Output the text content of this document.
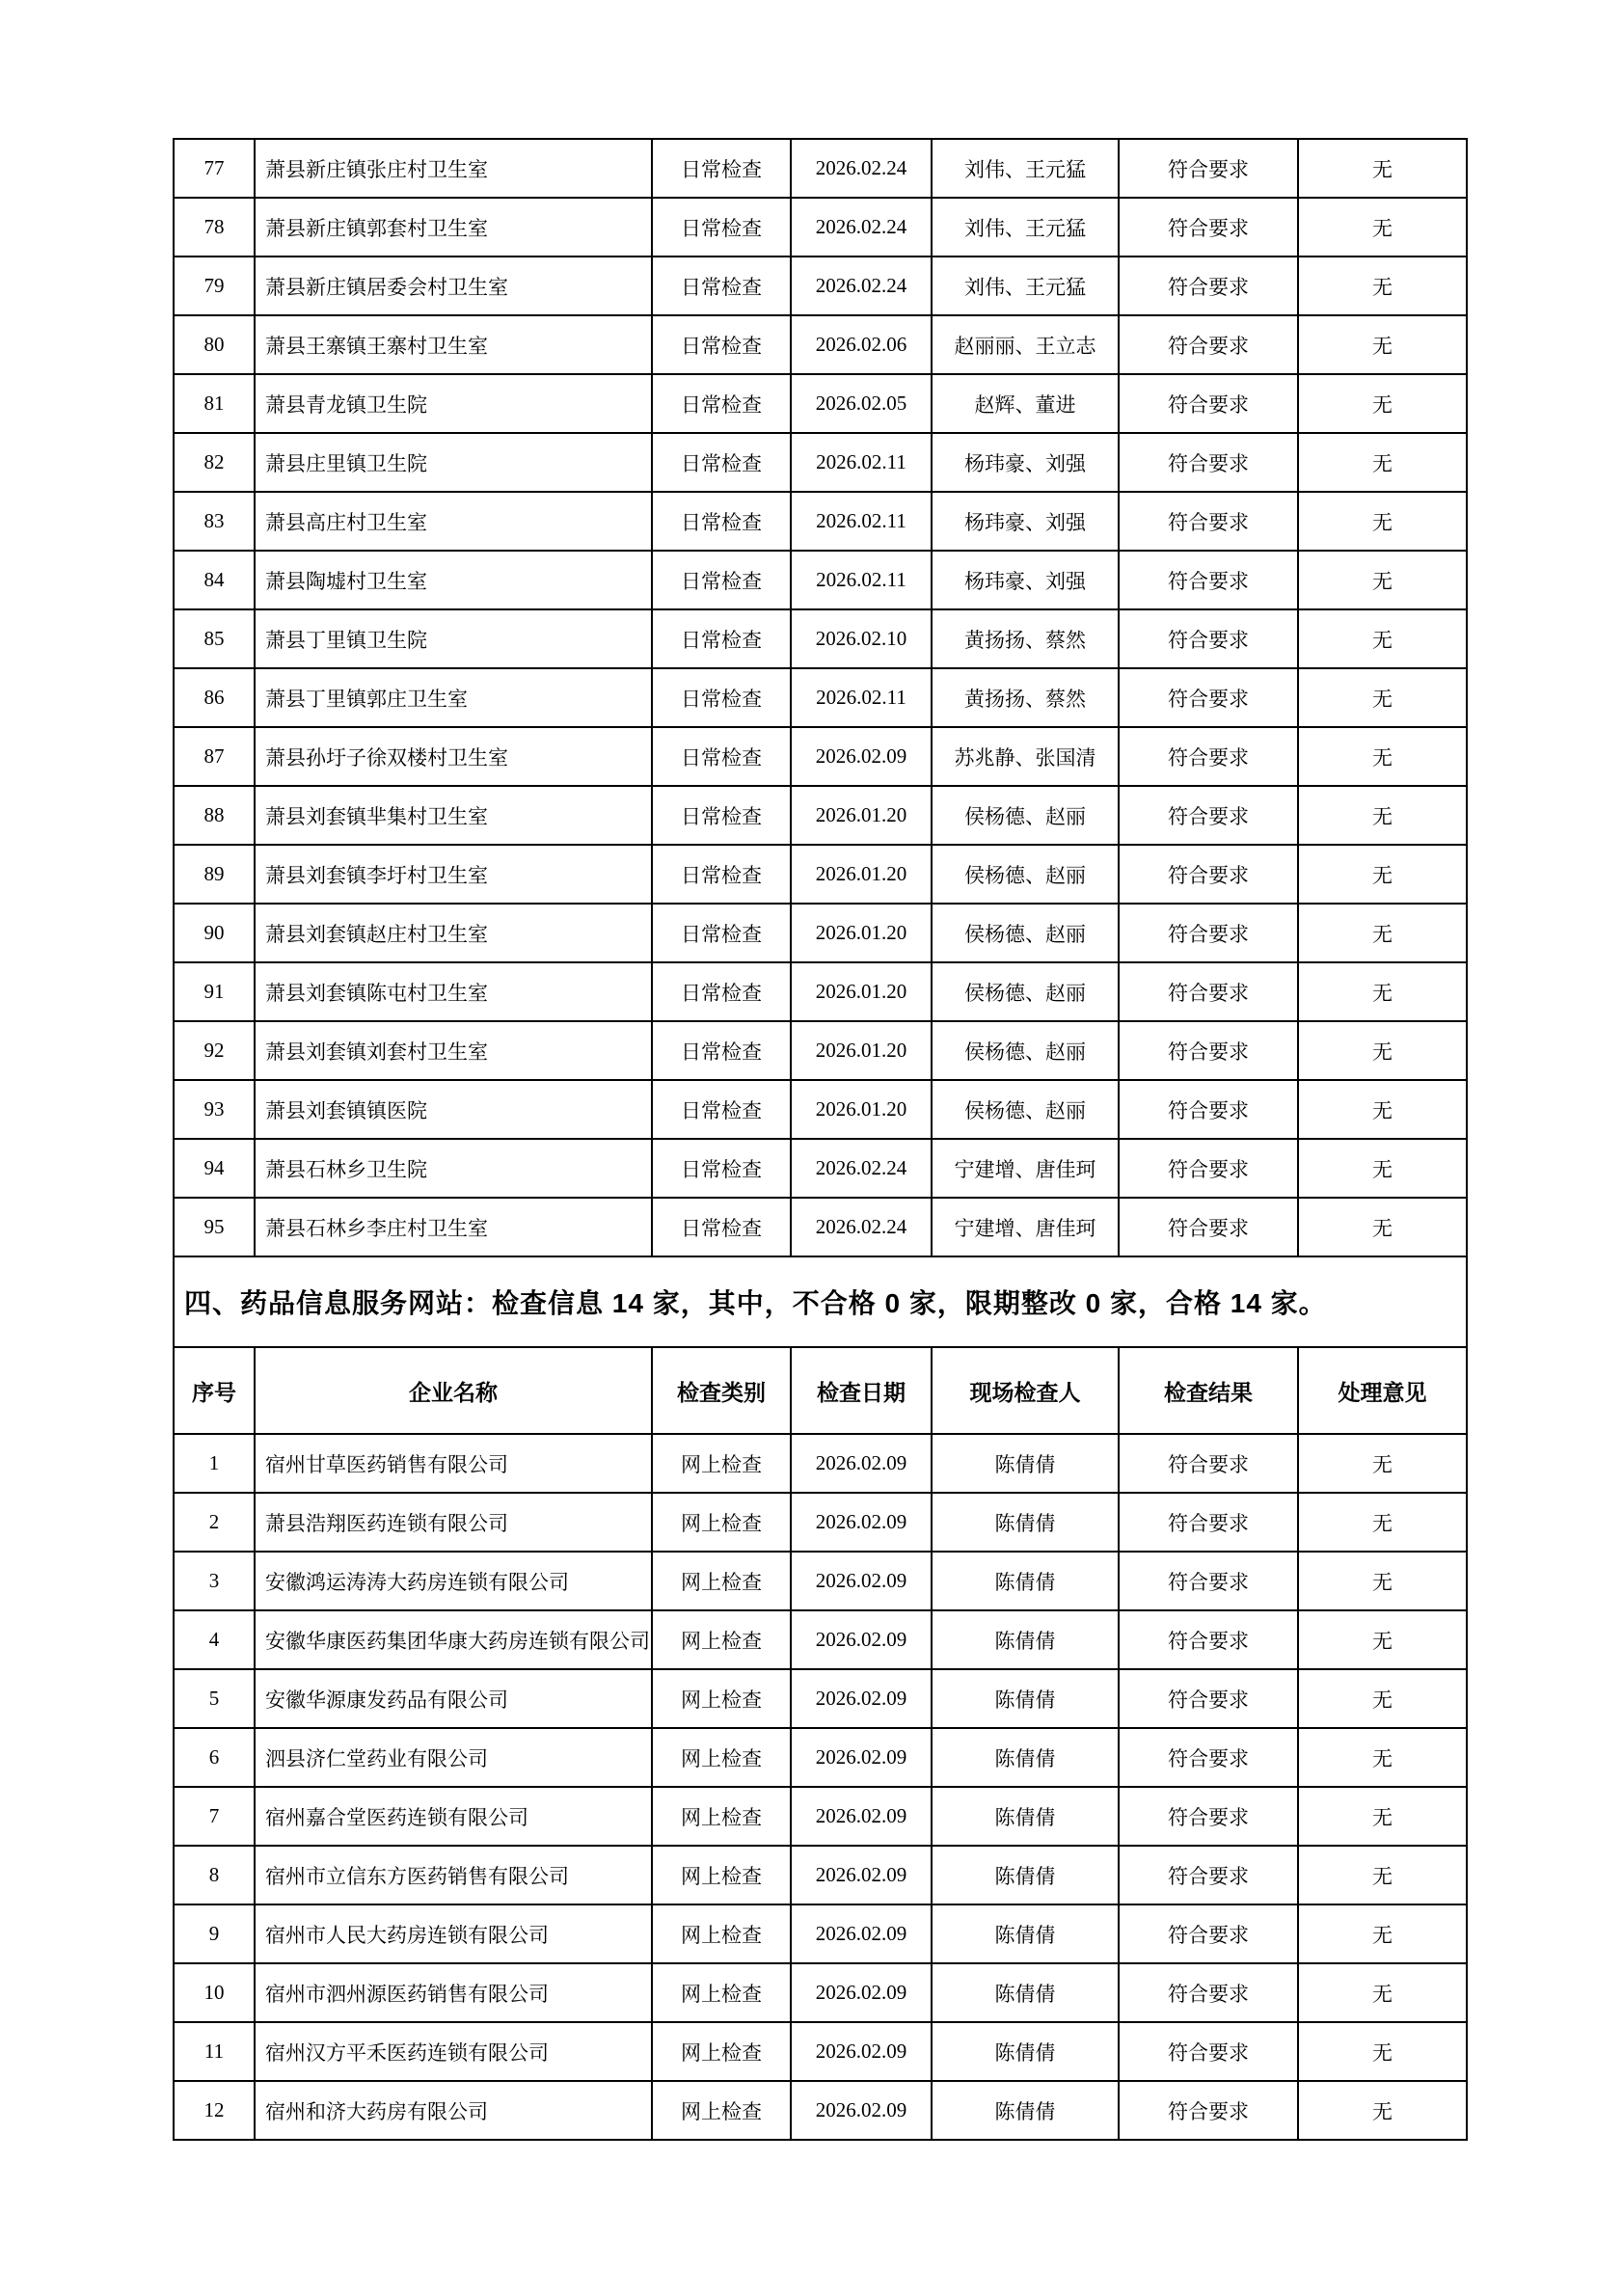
77	萧县新庄镇张庄村卫生室	日常检查	2026.02.24	刘伟、王元猛	符合要求	无
78	萧县新庄镇郭套村卫生室	日常检查	2026.02.24	刘伟、王元猛	符合要求	无
79	萧县新庄镇居委会村卫生室	日常检查	2026.02.24	刘伟、王元猛	符合要求	无
80	萧县王寨镇王寨村卫生室	日常检查	2026.02.06	赵丽丽、王立志	符合要求	无
81	萧县青龙镇卫生院	日常检查	2026.02.05	赵辉、董进	符合要求	无
82	萧县庄里镇卫生院	日常检查	2026.02.11	杨玮豪、刘强	符合要求	无
83	萧县高庄村卫生室	日常检查	2026.02.11	杨玮豪、刘强	符合要求	无
84	萧县陶墟村卫生室	日常检查	2026.02.11	杨玮豪、刘强	符合要求	无
85	萧县丁里镇卫生院	日常检查	2026.02.10	黄扬扬、蔡然	符合要求	无
86	萧县丁里镇郭庄卫生室	日常检查	2026.02.11	黄扬扬、蔡然	符合要求	无
87	萧县孙圩子徐双楼村卫生室	日常检查	2026.02.09	苏兆静、张国清	符合要求	无
88	萧县刘套镇芈集村卫生室	日常检查	2026.01.20	侯杨德、赵丽	符合要求	无
89	萧县刘套镇李圩村卫生室	日常检查	2026.01.20	侯杨德、赵丽	符合要求	无
90	萧县刘套镇赵庄村卫生室	日常检查	2026.01.20	侯杨德、赵丽	符合要求	无
91	萧县刘套镇陈屯村卫生室	日常检查	2026.01.20	侯杨德、赵丽	符合要求	无
92	萧县刘套镇刘套村卫生室	日常检查	2026.01.20	侯杨德、赵丽	符合要求	无
93	萧县刘套镇镇医院	日常检查	2026.01.20	侯杨德、赵丽	符合要求	无
94	萧县石林乡卫生院	日常检查	2026.02.24	宁建增、唐佳珂	符合要求	无
95	萧县石林乡李庄村卫生室	日常检查	2026.02.24	宁建增、唐佳珂	符合要求	无
四、药品信息服务网站：检查信息 14 家，其中，不合格 0 家，限期整改 0 家，合格 14 家。						
序号	企业名称	检查类别	检查日期	现场检查人	检查结果	处理意见
1	宿州甘草医药销售有限公司	网上检查	2026.02.09	陈倩倩	符合要求	无
2	萧县浩翔医药连锁有限公司	网上检查	2026.02.09	陈倩倩	符合要求	无
3	安徽鸿运涛涛大药房连锁有限公司	网上检查	2026.02.09	陈倩倩	符合要求	无
4	安徽华康医药集团华康大药房连锁有限公司	网上检查	2026.02.09	陈倩倩	符合要求	无
5	安徽华源康发药品有限公司	网上检查	2026.02.09	陈倩倩	符合要求	无
6	泗县济仁堂药业有限公司	网上检查	2026.02.09	陈倩倩	符合要求	无
7	宿州嘉合堂医药连锁有限公司	网上检查	2026.02.09	陈倩倩	符合要求	无
8	宿州市立信东方医药销售有限公司	网上检查	2026.02.09	陈倩倩	符合要求	无
9	宿州市人民大药房连锁有限公司	网上检查	2026.02.09	陈倩倩	符合要求	无
10	宿州市泗州源医药销售有限公司	网上检查	2026.02.09	陈倩倩	符合要求	无
11	宿州汉方平禾医药连锁有限公司	网上检查	2026.02.09	陈倩倩	符合要求	无
12	宿州和济大药房有限公司	网上检查	2026.02.09	陈倩倩	符合要求	无
